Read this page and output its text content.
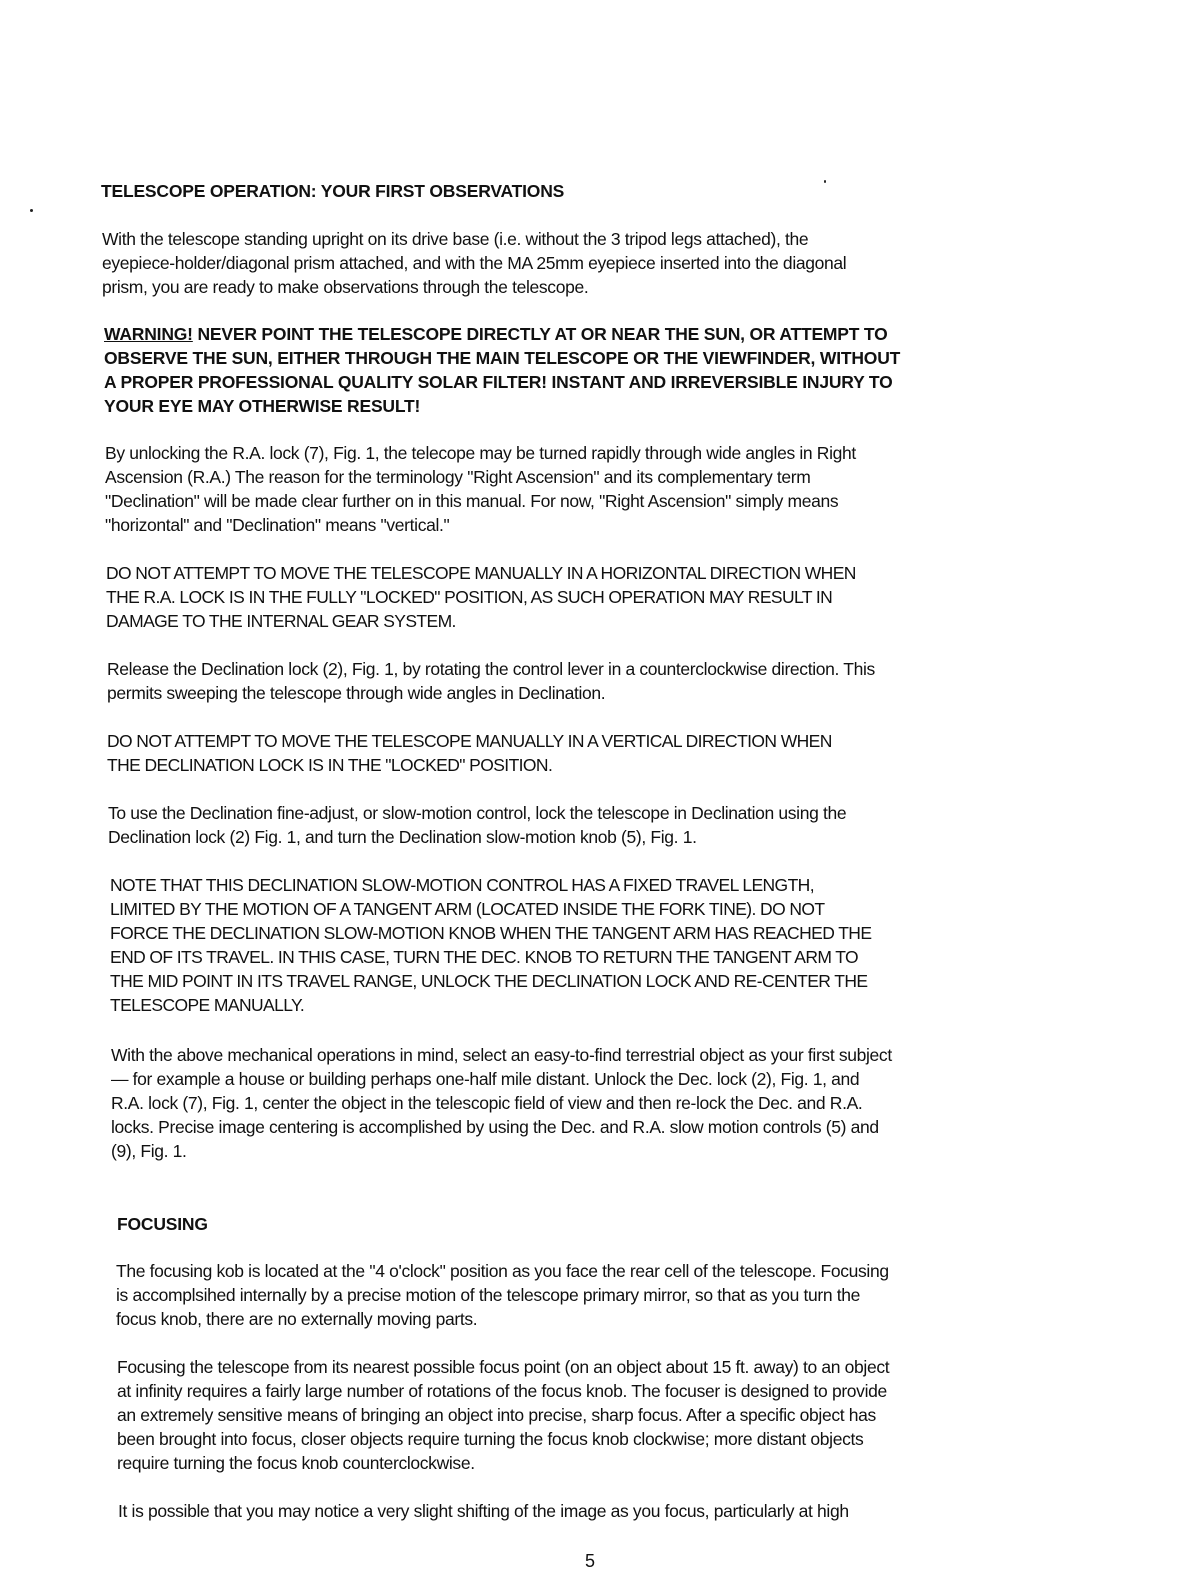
TELESCOPE OPERATION: YOUR FIRST OBSERVATIONS
With the telescope standing upright on its drive base (i.e. without the 3 tripod legs attached), the
eyepiece-holder/diagonal prism attached, and with the MA 25mm eyepiece inserted into the diagonal
prism, you are ready to make observations through the telescope.
WARNING! NEVER POINT THE TELESCOPE DIRECTLY AT OR NEAR THE SUN, OR ATTEMPT TO
OBSERVE THE SUN, EITHER THROUGH THE MAIN TELESCOPE OR THE VIEWFINDER, WITHOUT
A PROPER PROFESSIONAL QUALITY SOLAR FILTER! INSTANT AND IRREVERSIBLE INJURY TO
YOUR EYE MAY OTHERWISE RESULT!
By unlocking the R.A. lock (7), Fig. 1, the telecope may be turned rapidly through wide angles in Right
Ascension (R.A.) The reason for the terminology "Right Ascension" and its complementary term
"Declination" will be made clear further on in this manual. For now, "Right Ascension" simply means
"horizontal" and "Declination" means "vertical."
DO NOT ATTEMPT TO MOVE THE TELESCOPE MANUALLY IN A HORIZONTAL DIRECTION WHEN
THE R.A. LOCK IS IN THE FULLY "LOCKED" POSITION, AS SUCH OPERATION MAY RESULT IN
DAMAGE TO THE INTERNAL GEAR SYSTEM.
Release the Declination lock (2), Fig. 1, by rotating the control lever in a counterclockwise direction. This
permits sweeping the telescope through wide angles in Declination.
DO NOT ATTEMPT TO MOVE THE TELESCOPE MANUALLY IN A VERTICAL DIRECTION WHEN
THE DECLINATION LOCK IS IN THE "LOCKED" POSITION.
To use the Declination fine-adjust, or slow-motion control, lock the telescope in Declination using the
Declination lock (2) Fig. 1, and turn the Declination slow-motion knob (5), Fig. 1.
NOTE THAT THIS DECLINATION SLOW-MOTION CONTROL HAS A FIXED TRAVEL LENGTH,
LIMITED BY THE MOTION OF A TANGENT ARM (LOCATED INSIDE THE FORK TINE). DO NOT
FORCE THE DECLINATION SLOW-MOTION KNOB WHEN THE TANGENT ARM HAS REACHED THE
END OF ITS TRAVEL. IN THIS CASE, TURN THE DEC. KNOB TO RETURN THE TANGENT ARM TO
THE MID POINT IN ITS TRAVEL RANGE, UNLOCK THE DECLINATION LOCK AND RE-CENTER THE
TELESCOPE MANUALLY.
With the above mechanical operations in mind, select an easy-to-find terrestrial object as your first subject
— for example a house or building perhaps one-half mile distant. Unlock the Dec. lock (2), Fig. 1, and
R.A. lock (7), Fig. 1, center the object in the telescopic field of view and then re-lock the Dec. and R.A.
locks. Precise image centering is accomplished by using the Dec. and R.A. slow motion controls (5) and
(9), Fig. 1.
FOCUSING
The focusing kob is located at the "4 o'clock" position as you face the rear cell of the telescope. Focusing
is accomplsihed internally by a precise motion of the telescope primary mirror, so that as you turn the
focus knob, there are no externally moving parts.
Focusing the telescope from its nearest possible focus point (on an object about 15 ft. away) to an object
at infinity requires a fairly large number of rotations of the focus knob. The focuser is designed to provide
an extremely sensitive means of bringing an object into precise, sharp focus. After a specific object has
been brought into focus, closer objects require turning the focus knob clockwise; more distant objects
require turning the focus knob counterclockwise.
It is possible that you may notice a very slight shifting of the image as you focus, particularly at high
5
